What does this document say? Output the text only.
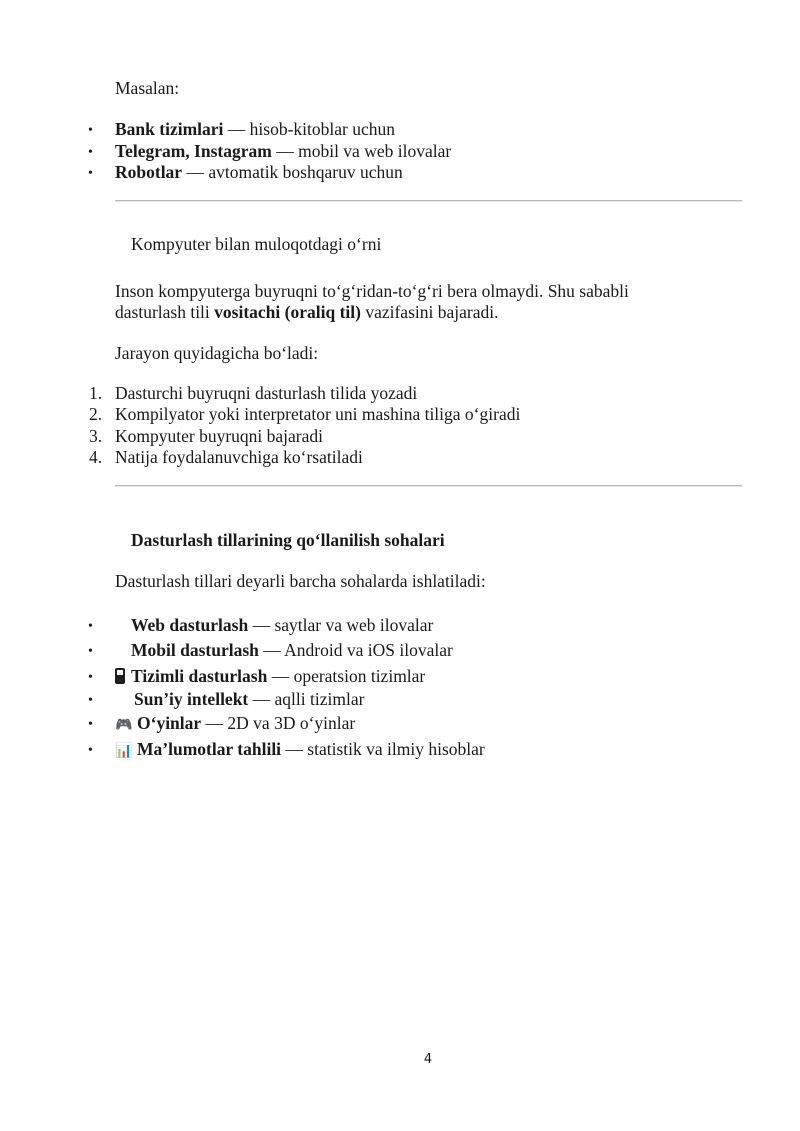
Masalan:
•	Bank tizimlari — hisob-kitoblar uchun
•	Telegram, Instagram — mobil va web ilovalar
•	Robotlar — avtomatik boshqaruv uchun
Kompyuter bilan muloqotdagi o‘rni
Inson kompyuterga buyruqni to‘g‘ridan-to‘g‘ri bera olmaydi. Shu sababli
dasturlash tili vositachi (oraliq til) vazifasini bajaradi.
Jarayon quyidagicha bo‘ladi:
1. Dasturchi buyruqni dasturlash tilida yozadi
2. Kompilyator yoki interpretator uni mashina tiliga o‘giradi
3. Kompyuter buyruqni bajaradi
4. Natija foydalanuvchiga ko‘rsatiladi
Dasturlash tillarining qo‘llanilish sohalari
Dasturlash tillari deyarli barcha sohalarda ishlatiladi:
•	Web dasturlash — saytlar va web ilovalar
•	Mobil dasturlash — Android va iOS ilovalar
•	Tizimli dasturlash — operatsion tizimlar
•	Sun’iy intellekt — aqlli tizimlar
•	🎮 O‘yinlar — 2D va 3D o‘yinlar
•	📊 Ma’lumotlar tahlili — statistik va ilmiy hisoblar
4
